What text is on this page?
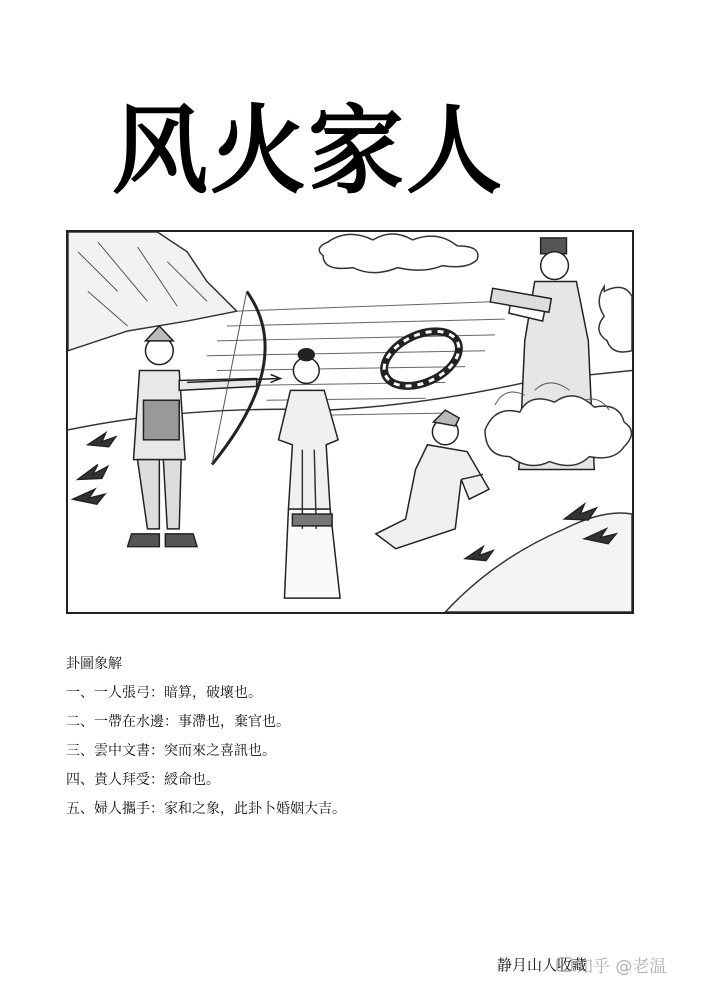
风火家人
卦圖象解
一、一人張弓：暗算，破壞也。
二、一帶在水邊：事滯也，棄官也。
三、雲中文書：突而來之喜訊也。
四、貴人拜受：綬命也。
五、婦人攜手：家和之象，此卦卜婚姻大吉。
静月山人收藏
知乎 @老温
